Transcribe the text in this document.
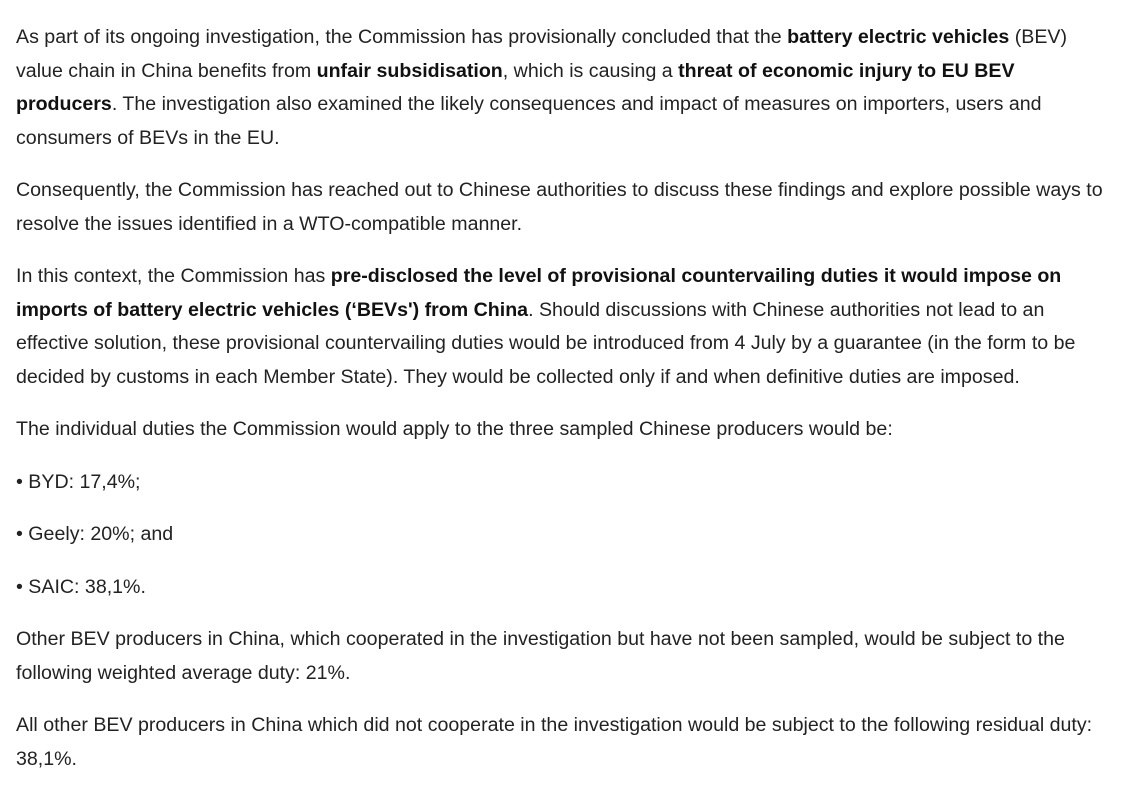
As part of its ongoing investigation, the Commission has provisionally concluded that the battery electric vehicles (BEV) value chain in China benefits from unfair subsidisation, which is causing a threat of economic injury to EU BEV producers. The investigation also examined the likely consequences and impact of measures on importers, users and consumers of BEVs in the EU.

Consequently, the Commission has reached out to Chinese authorities to discuss these findings and explore possible ways to resolve the issues identified in a WTO-compatible manner.

In this context, the Commission has pre-disclosed the level of provisional countervailing duties it would impose on imports of battery electric vehicles (‘BEVs') from China. Should discussions with Chinese authorities not lead to an effective solution, these provisional countervailing duties would be introduced from 4 July by a guarantee (in the form to be decided by customs in each Member State). They would be collected only if and when definitive duties are imposed.

The individual duties the Commission would apply to the three sampled Chinese producers would be:

• BYD: 17,4%;

• Geely: 20%; and

• SAIC: 38,1%.

Other BEV producers in China, which cooperated in the investigation but have not been sampled, would be subject to the following weighted average duty: 21%.

All other BEV producers in China which did not cooperate in the investigation would be subject to the following residual duty: 38,1%.
